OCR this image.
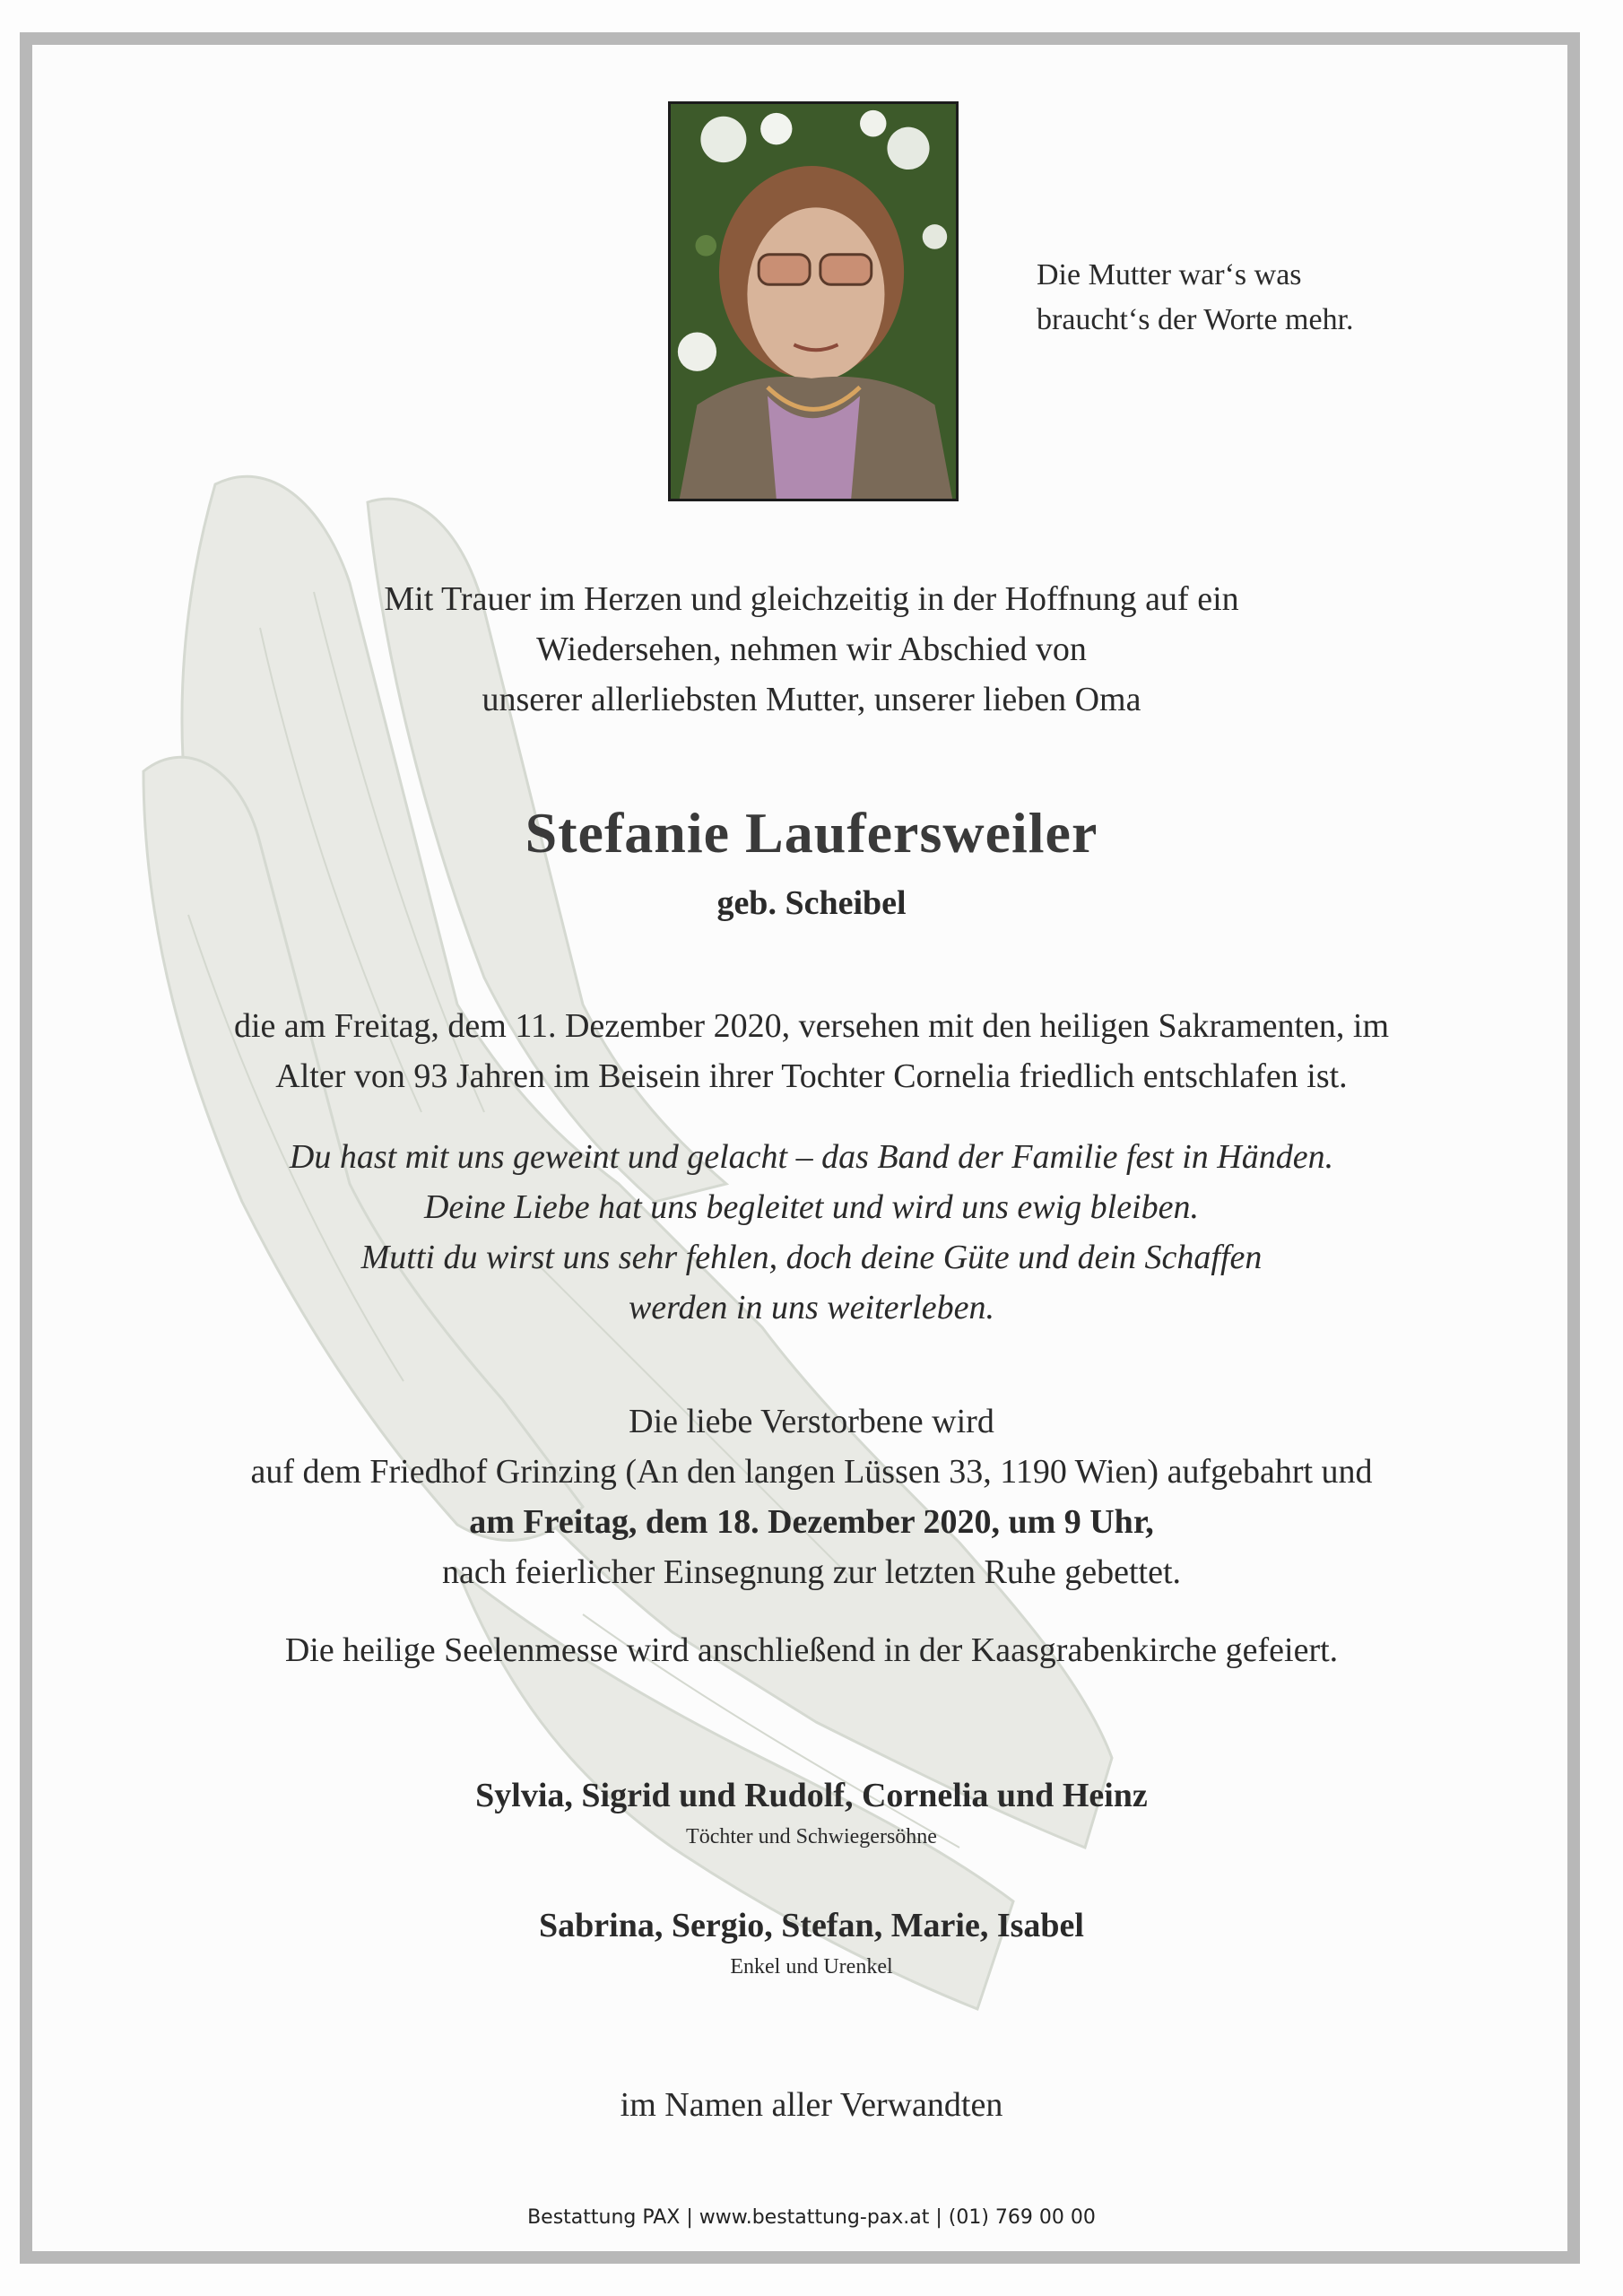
Die Mutter war‘s was
braucht‘s der Worte mehr.
Mit Trauer im Herzen und gleichzeitig in der Hoffnung auf ein
Wiedersehen, nehmen wir Abschied von
unserer allerliebsten Mutter, unserer lieben Oma
Stefanie Laufersweiler
geb. Scheibel
die am Freitag, dem 11. Dezember 2020, versehen mit den heiligen Sakramenten, im
Alter von 93 Jahren im Beisein ihrer Tochter Cornelia friedlich entschlafen ist.
Du hast mit uns geweint und gelacht – das Band der Familie fest in Händen.
Deine Liebe hat uns begleitet und wird uns ewig bleiben.
Mutti du wirst uns sehr fehlen, doch deine Güte und dein Schaffen
werden in uns weiterleben.
Die liebe Verstorbene wird
auf dem Friedhof Grinzing (An den langen Lüssen 33, 1190 Wien) aufgebahrt und
am Freitag, dem 18. Dezember 2020, um 9 Uhr,
nach feierlicher Einsegnung zur letzten Ruhe gebettet.
Die heilige Seelenmesse wird anschließend in der Kaasgrabenkirche gefeiert.
Sylvia, Sigrid und Rudolf, Cornelia und Heinz
Töchter und Schwiegersöhne
Sabrina, Sergio, Stefan, Marie, Isabel
Enkel und Urenkel
im Namen aller Verwandten
Bestattung PAX | www.bestattung-pax.at | (01) 769 00 00
